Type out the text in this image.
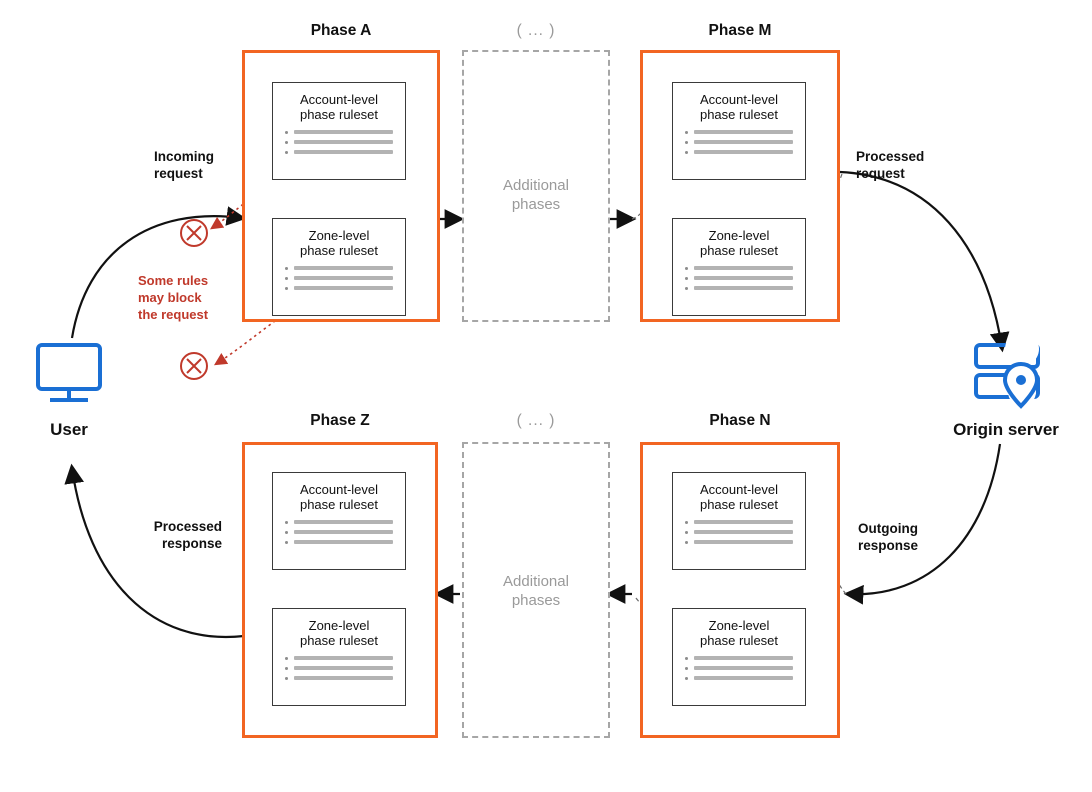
Phase A
Account-level
phase ruleset
Zone-level
phase ruleset
( ... )
Additional
phases
Phase M
Account-level
phase ruleset
Zone-level
phase ruleset
Phase Z
Account-level
phase ruleset
Zone-level
phase ruleset
( ... )
Additional
phases
Phase N
Account-level
phase ruleset
Zone-level
phase ruleset
Incoming
request
Processed
request
Outgoing
response
Processed
response
Some rules
may block
the request
User	Origin server
